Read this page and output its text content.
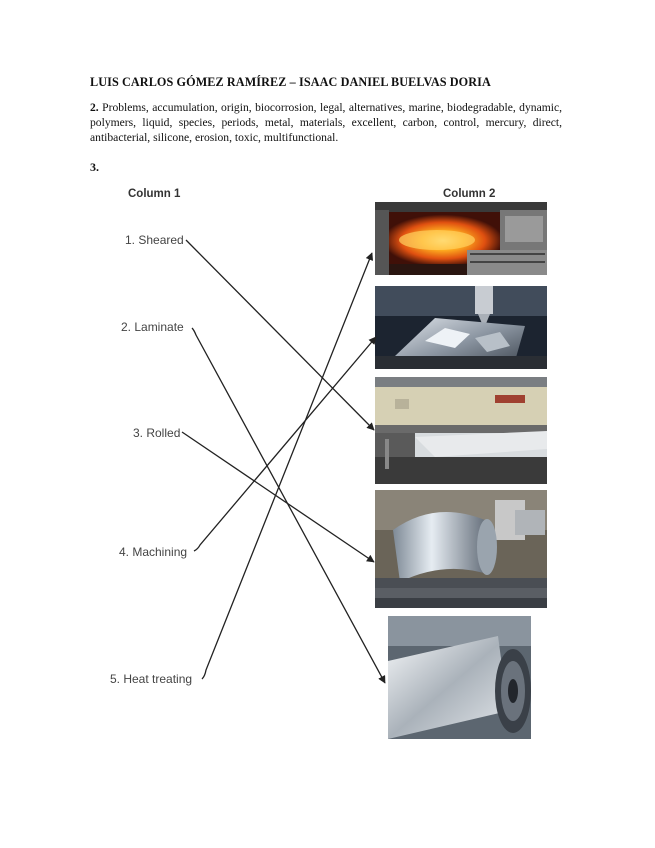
LUIS CARLOS GÓMEZ RAMÍREZ – ISAAC DANIEL BUELVAS DORIA
2. Problems, accumulation, origin, biocorrosion, legal, alternatives, marine, biodegradable, dynamic, polymers, liquid, species, periods, metal, materials, excellent, carbon, control, mercury, direct, antibacterial, silicone, erosion, toxic, multifunctional.
3.
Column 1	Column 2
1. Sheared
2. Laminate
3. Rolled
4. Machining
5. Heat treating
